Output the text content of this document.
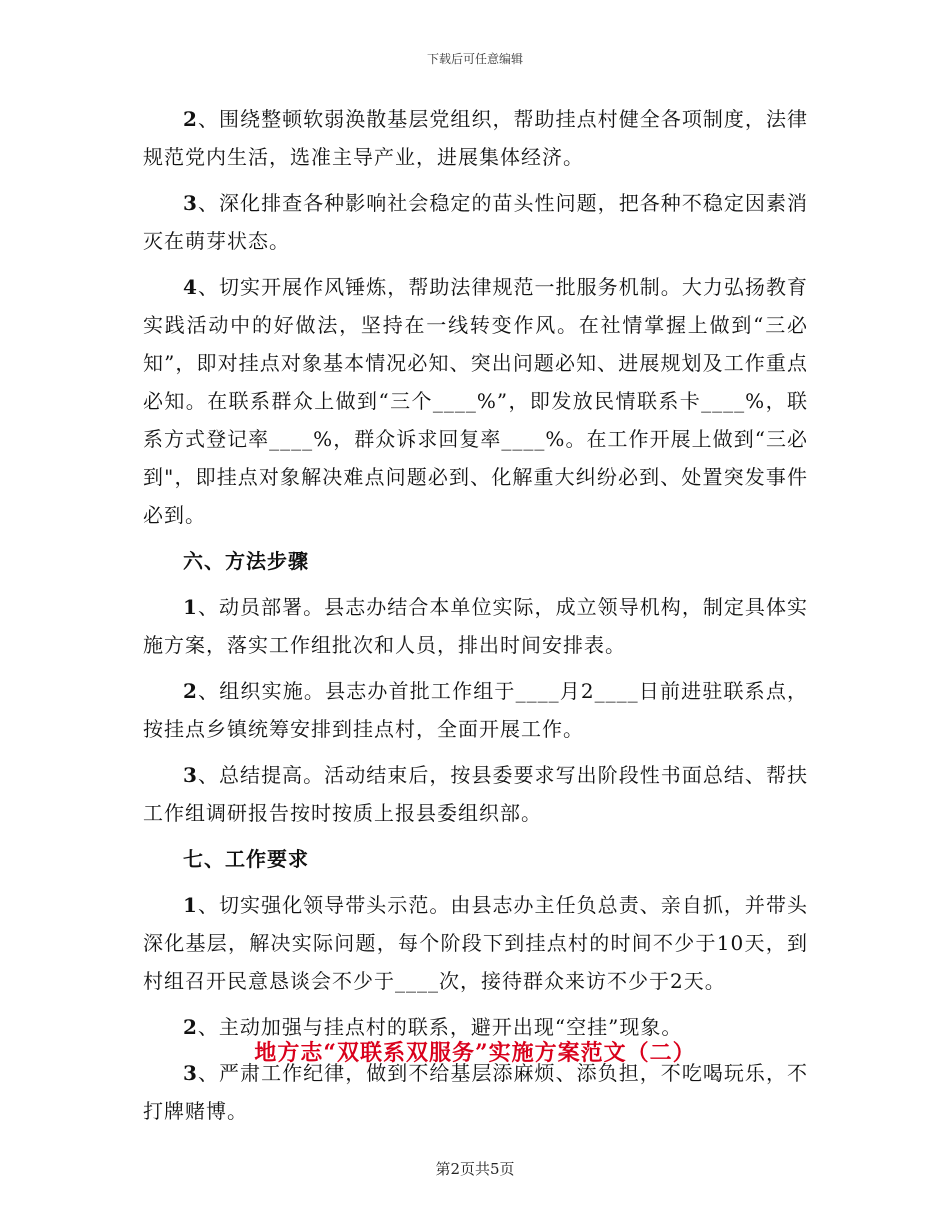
下载后可任意编辑

2、围绕整顿软弱涣散基层党组织，帮助挂点村健全各项制度，法律规范党内生活，选准主导产业，进展集体经济。

3、深化排查各种影响社会稳定的苗头性问题，把各种不稳定因素消灭在萌芽状态。

4、切实开展作风锤炼，帮助法律规范一批服务机制。大力弘扬教育实践活动中的好做法，坚持在一线转变作风。在社情掌握上做到“三必知”，即对挂点对象基本情况必知、突出问题必知、进展规划及工作重点必知。在联系群众上做到“三个____%”，即发放民情联系卡____%，联系方式登记率____%，群众诉求回复率____%。在工作开展上做到“三必到"，即挂点对象解决难点问题必到、化解重大纠纷必到、处置突发事件必到。

六、方法步骤

1、动员部署。县志办结合本单位实际，成立领导机构，制定具体实施方案，落实工作组批次和人员，排出时间安排表。

2、组织实施。县志办首批工作组于____月2____日前进驻联系点，按挂点乡镇统筹安排到挂点村，全面开展工作。

3、总结提高。活动结束后，按县委要求写出阶段性书面总结、帮扶工作组调研报告按时按质上报县委组织部。

七、工作要求

1、切实强化领导带头示范。由县志办主任负总责、亲自抓，并带头深化基层，解决实际问题，每个阶段下到挂点村的时间不少于10天，到村组召开民意恳谈会不少于____次，接待群众来访不少于2天。

2、主动加强与挂点村的联系，避开出现“空挂”现象。

3、严肃工作纪律，做到不给基层添麻烦、添负担，不吃喝玩乐，不打牌赌博。

地方志“双联系双服务”实施方案范文（二）
第2页共5页
